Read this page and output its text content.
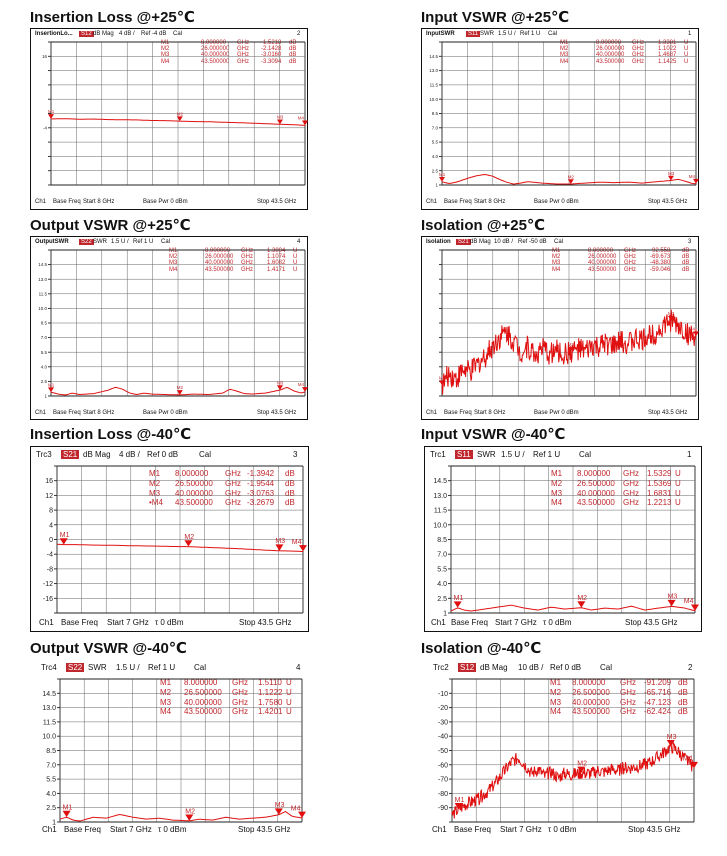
Insertion Loss @+25℃
InsertionLo...	S12 dB Mag 4 dB / Ref -4 dB Cal	2
M1	8.000000 GHz -1.5218 dB
M2	26.000000 GHz -2.1428 dB
M3	40.000000 GHz -3.0160 dB
M4	43.500000 GHz -3.3094 dB
16
-4
M1	M2
M3	M4
Ch1 Base Freq Start 8 GHz	Base Pwr 0 dBm	Stop 43.5 GHz
Input VSWR @+25℃
InputSWR	S11 SWR 1.5 U / Ref 1 U Cal	1
M1	8.000000 GHz 1.3381 U
M2	26.000000 GHz 1.1022 U
M3	40.000000 GHz 1.4687 U
M4	43.500000 GHz 1.1425 U
14.5
13.0
11.5
10.0
8.5
7.0
5.5
4.0
2.5
1
M1	M2
M3
M4
Ch1 Base Freq Start 8 GHz	Base Pwr 0 dBm	Stop 43.5 GHz
Output VSWR @+25℃
OutputSWR	S22 SWR 1.5 U / Ref 1 U Cal	4
M1	8.000000 GHz 1.3894 U
M2	26.000000 GHz 1.1074 U
M3	40.000000 GHz 1.6082 U
M4	43.500000 GHz 1.4171 U
14.5
13.0
11.5
10.0
8.5
7.0
5.5
4.0
2.5
1
M1
M2
M3	M4
Ch1 Base Freq Start 8 GHz	Base Pwr 0 dBm	Stop 43.5 GHz
Isolation @+25℃
Isolation	S21 dB Mag 10 dB / Ref -50 dB Cal	3
M1	8.000000 GHz -92.558 dB
M2	26.000000 GHz -69.673 dB
M3	40.000000 GHz -48.380 dB
M4	43.500000 GHz -59.046 dB
M1
M2
M3
M4
Ch1 Base Freq Start 8 GHz	Base Pwr 0 dBm	Stop 43.5 GHz
Insertion Loss @-40℃
Trc3 S21 dB Mag 4 dB / Ref 0 dB	Cal	3
M1 8.000000 GHz -1.3942 dB
M2 26.500000 GHz -1.9544 dB
M3 40.000000 GHz -3.0763 dB
•M4 43.500000 GHz -3.2679 dB
16
12
8
4
0
-4
-8
-12
-16
M1	M2
M3 M4
Ch1 Base Freq Start 7 GHz τ 0 dBm	Stop 43.5 GHz
Input VSWR @-40℃
Trc1 S11 SWR 1.5 U / Ref 1 U Cal	1
M1 8.000000 GHz 1.5329 U
M2 26.500000 GHz 1.5369 U
M3 40.000000 GHz 1.6831 U
M4 43.500000 GHz 1.2213 U
14.5
13.0
11.5
10.0
8.5
7.0
5.5
4.0
2.5
1
M1	M2	M3
M4
Ch1 Base Freq Start 7 GHz τ 0 dBm	Stop 43.5 GHz
Output VSWR @-40℃
Trc4 S22 SWR 1.5 U / Ref 1 U Cal	4
M1 8.000000 GHz 1.5110 U
M2 26.500000 GHz 1.1222 U
M3 40.000000 GHz 1.7580 U
M4 43.500000 GHz 1.4201 U
14.5
13.0
11.5
10.0
8.5
7.0
5.5
4.0
2.5
1
M1
M2
M3 M4
Ch1 Base Freq Start 7 GHz τ 0 dBm	Stop 43.5 GHz
Isolation @-40℃
Trc2 S12 dB Mag 10 dB / Ref 0 dB Cal	2
M1 8.000000 GHz -91.209 dB
M2 26.500000 GHz -65.716 dB
M3 40.000000 GHz -47.123 dB
M4 43.500000 GHz -62.424 dB
-10
-20
-30
-40
-50
-60
-70
-80
-90
M1
M2
M3
M4
Ch1 Base Freq Start 7 GHz τ 0 dBm	Stop 43.5 GHz
